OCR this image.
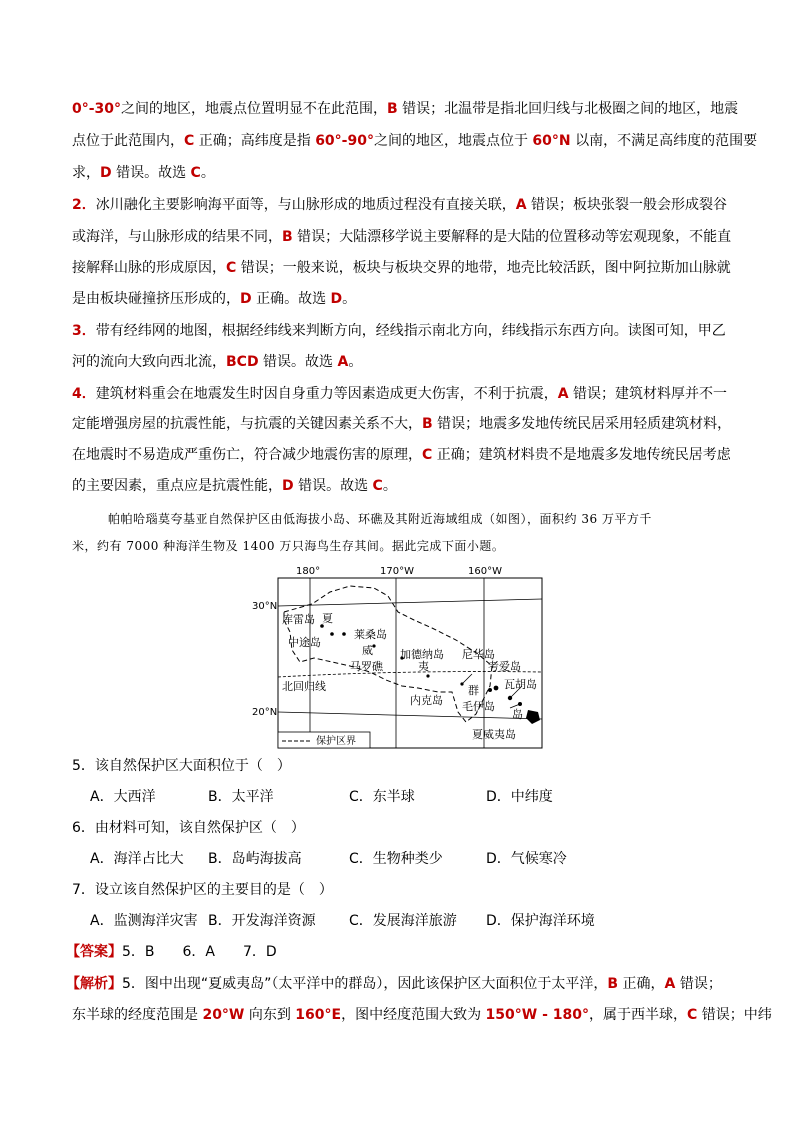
0°-30°之间的地区，地震点位置明显不在此范围，B 错误；北温带是指北回归线与北极圈之间的地区，地震
点位于此范围内，C 正确；高纬度是指 60°-90°之间的地区，地震点位于 60°N 以南，不满足高纬度的范围要
求，D 错误。故选 C。
2．冰川融化主要影响海平面等，与山脉形成的地质过程没有直接关联，A 错误；板块张裂一般会形成裂谷
或海洋，与山脉形成的结果不同，B 错误；大陆漂移学说主要解释的是大陆的位置移动等宏观现象，不能直
接解释山脉的形成原因，C 错误；一般来说，板块与板块交界的地带，地壳比较活跃，图中阿拉斯加山脉就
是由板块碰撞挤压形成的，D 正确。故选 D。
3．带有经纬网的地图，根据经纬线来判断方向，经线指示南北方向，纬线指示东西方向。读图可知，甲乙
河的流向大致向西北流，BCD 错误。故选 A。
4．建筑材料重会在地震发生时因自身重力等因素造成更大伤害，不利于抗震，A 错误；建筑材料厚并不一
定能增强房屋的抗震性能，与抗震的关键因素关系不大，B 错误；地震多发地传统民居采用轻质建筑材料，
在地震时不易造成严重伤亡，符合减少地震伤害的原理，C 正确；建筑材料贵不是地震多发地传统民居考虑
的主要因素，重点应是抗震性能，D 错误。故选 C。
帕帕哈瑙莫夸基亚自然保护区由低海拔小岛、环礁及其附近海域组成（如图），面积约 36 万平方千
米，约有 7000 种海洋生物及 1400 万只海鸟生存其间。据此完成下面小题。
180°	170°W	160°W
30°N
20°N
库雷岛 夏
中途岛
莱桑岛
威
马罗礁
加德纳岛
夷
尼华岛
考爱岛
瓦胡岛
北回归线
内克岛
群
毛伊岛
岛
夏威夷岛
保护区界
5．该自然保护区大面积位于（　）
A．大西洋	B．太平洋	C．东半球	D．中纬度
6．由材料可知，该自然保护区（　）
A．海洋占比大 B．岛屿海拔高	C．生物种类少	D．气候寒冷
7．设立该自然保护区的主要目的是（　）
A．监测海洋灾害 B．开发海洋资源 C．发展海洋旅游 D．保护海洋环境
【答案】5．B　　6．A　　7．D
【解析】5．图中出现“夏威夷岛”（太平洋中的群岛），因此该保护区大面积位于太平洋，B 正确，A 错误；
东半球的经度范围是 20°W 向东到 160°E，图中经度范围大致为 150°W - 180°，属于西半球，C 错误；中纬
